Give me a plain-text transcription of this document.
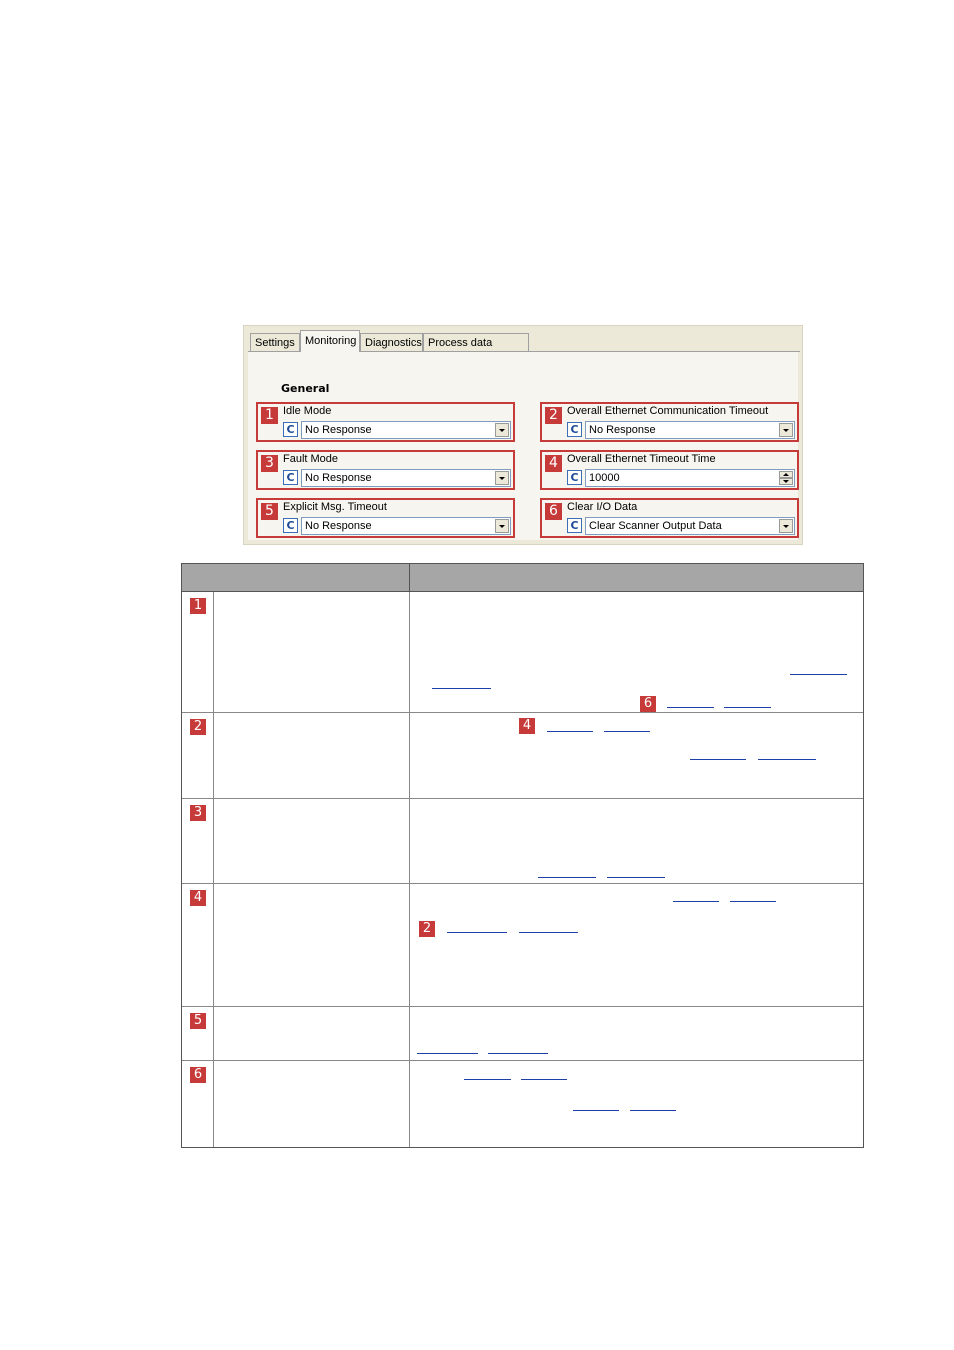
Settings Monitoring Diagnostics Process data
General
1 Idle Mode
C No Response
2 Overall Ethernet Communication Timeout
C No Response
3 Fault Mode
C No Response
4 Overall Ethernet Timeout Time
C 10000
5 Explicit Msg. Timeout
C No Response
6 Clear I/O Data
C Clear Scanner Output Data
1
6
2	4
3
4
2
5
6
